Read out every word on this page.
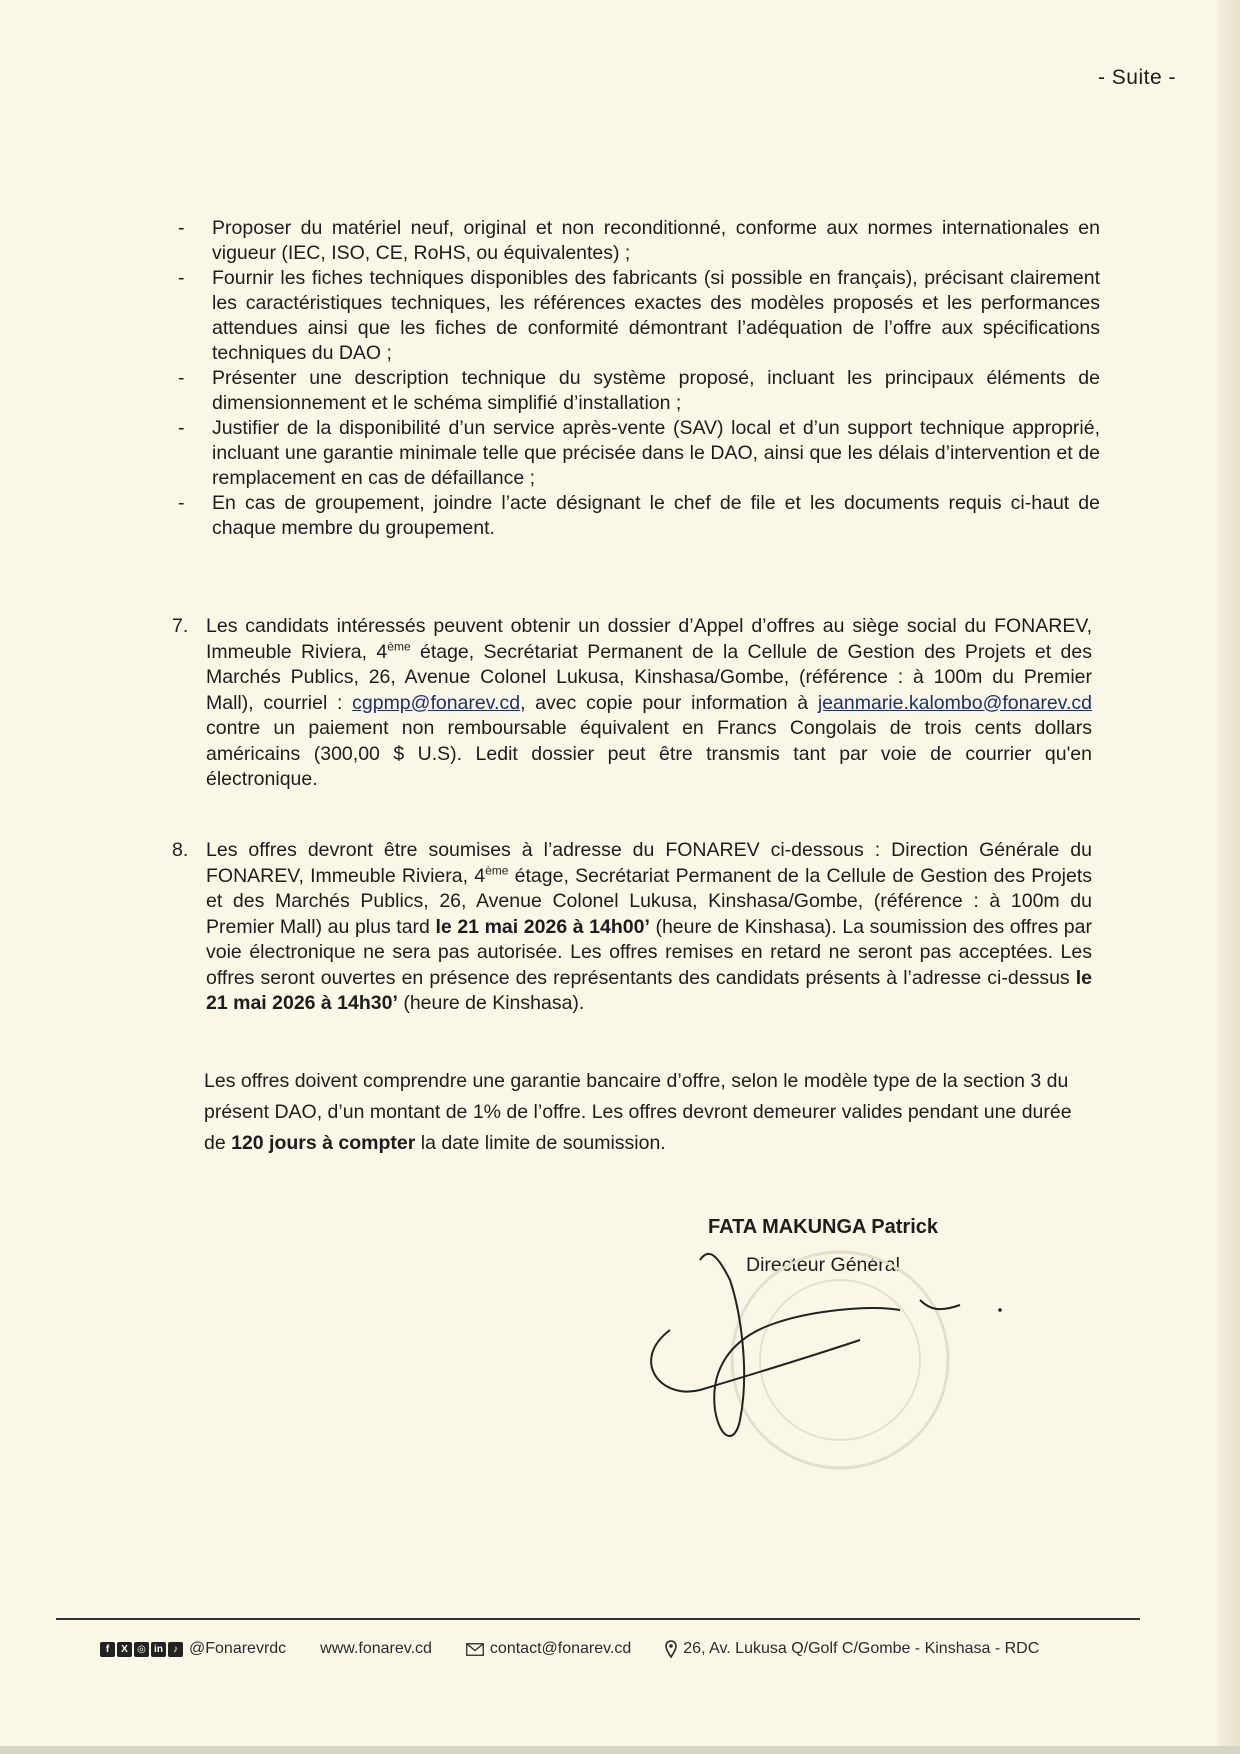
- Suite -
- Proposer du matériel neuf, original et non reconditionné, conforme aux normes internationales en vigueur (IEC, ISO, CE, RoHS, ou équivalentes) ;
- Fournir les fiches techniques disponibles des fabricants (si possible en français), précisant clairement les caractéristiques techniques, les références exactes des modèles proposés et les performances attendues ainsi que les fiches de conformité démontrant l’adéquation de l’offre aux spécifications techniques du DAO ;
- Présenter une description technique du système proposé, incluant les principaux éléments de dimensionnement et le schéma simplifié d’installation ;
- Justifier de la disponibilité d’un service après-vente (SAV) local et d’un support technique approprié, incluant une garantie minimale telle que précisée dans le DAO, ainsi que les délais d’intervention et de remplacement en cas de défaillance ;
- En cas de groupement, joindre l’acte désignant le chef de file et les documents requis ci-haut de chaque membre du groupement.
7. Les candidats intéressés peuvent obtenir un dossier d’Appel d’offres au siège social du FONAREV, Immeuble Riviera, 4ème étage, Secrétariat Permanent de la Cellule de Gestion des Projets et des Marchés Publics, 26, Avenue Colonel Lukusa, Kinshasa/Gombe, (référence : à 100m du Premier Mall), courriel : cgpmp@fonarev.cd, avec copie pour information à jeanmarie.kalombo@fonarev.cd contre un paiement non remboursable équivalent en Francs Congolais de trois cents dollars américains (300,00 $ U.S). Ledit dossier peut être transmis tant par voie de courrier qu'en électronique.
8. Les offres devront être soumises à l’adresse du FONAREV ci-dessous : Direction Générale du FONAREV, Immeuble Riviera, 4ème étage, Secrétariat Permanent de la Cellule de Gestion des Projets et des Marchés Publics, 26, Avenue Colonel Lukusa, Kinshasa/Gombe, (référence : à 100m du Premier Mall) au plus tard le 21 mai 2026 à 14h00’ (heure de Kinshasa). La soumission des offres par voie électronique ne sera pas autorisée. Les offres remises en retard ne seront pas acceptées. Les offres seront ouvertes en présence des représentants des candidats présents à l’adresse ci-dessus le 21 mai 2026 à 14h30’ (heure de Kinshasa).
Les offres doivent comprendre une garantie bancaire d’offre, selon le modèle type de la section 3 du présent DAO, d’un montant de 1% de l’offre. Les offres devront demeurer valides pendant une durée de 120 jours à compter la date limite de soumission.
FATA MAKUNGA Patrick
Directeur Général
f	X ◎ in	♪ @Fonarevrdc www.fonarev.cd	contact@fonarev.cd	26, Av. Lukusa Q/Golf C/Gombe - Kinshasa - RDC
